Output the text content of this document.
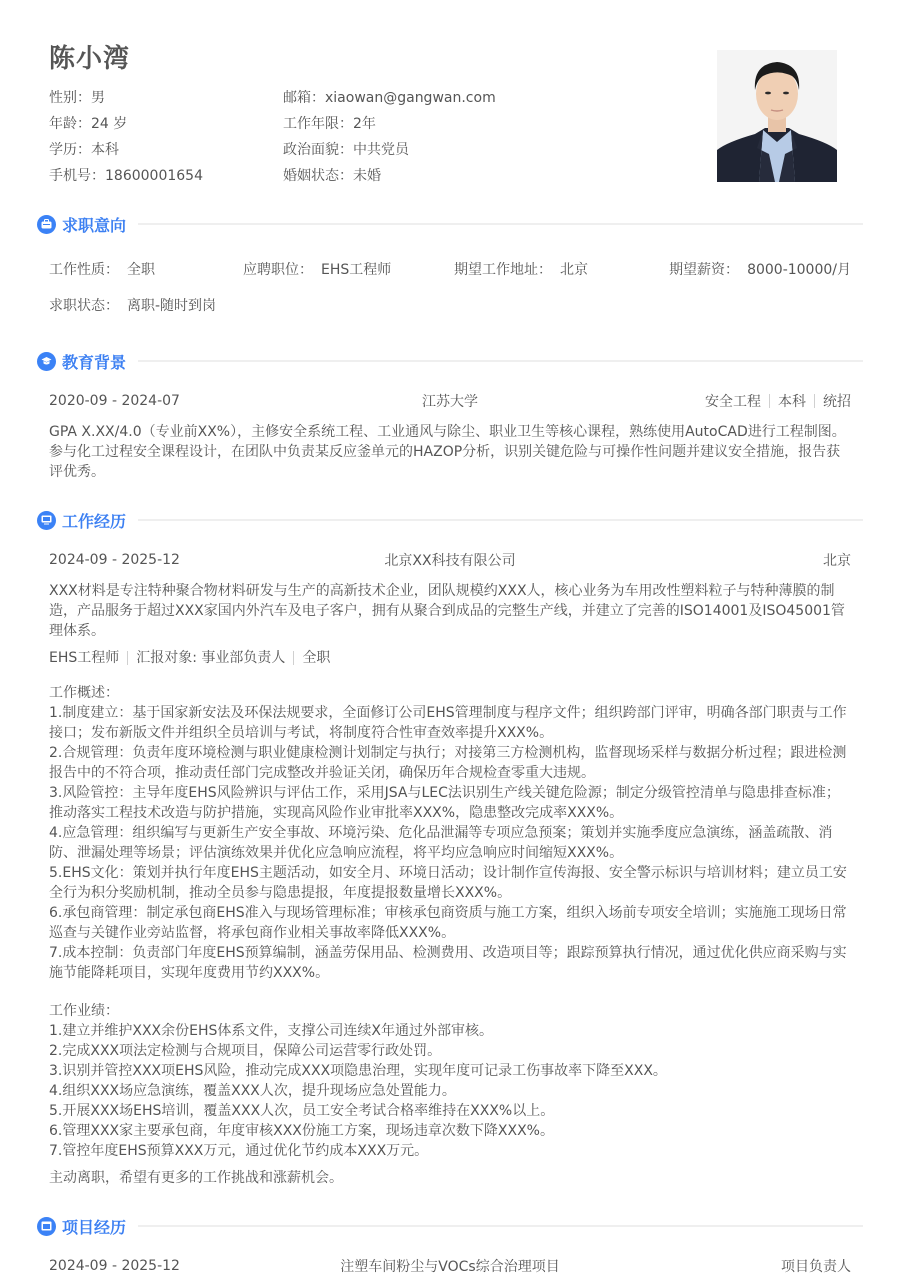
陈小湾
性别：男	邮箱：xiaowan@gangwan.com
年龄：24 岁	工作年限：2年
学历：本科	政治面貌：中共党员
手机号：18600001654	婚姻状态：未婚
求职意向
工作性质： 全职	应聘职位： EHS工程师	期望工作地址： 北京	期望薪资： 8000-10000/月
求职状态： 离职-随时到岗
教育背景
2020-09 - 2024-07	江苏大学	安全工程 本科 统招
GPA X.XX/4.0（专业前XX%），主修安全系统工程、工业通风与除尘、职业卫生等核心课程，熟练使用AutoCAD进行工程制图。参与化工过程安全课程设计，在团队中负责某反应釜单元的HAZOP分析，识别关键危险与可操作性问题并建议安全措施，报告获评优秀。
工作经历
2024-09 - 2025-12	北京XX科技有限公司	北京
XXX材料是专注特种聚合物材料研发与生产的高新技术企业，团队规模约XXX人，核心业务为车用改性塑料粒子与特种薄膜的制造，产品服务于超过XXX家国内外汽车及电子客户，拥有从聚合到成品的完整生产线，并建立了完善的ISO14001及ISO45001管理体系。
EHS工程师 汇报对象: 事业部负责人 全职
工作概述：
1.制度建立：基于国家新安法及环保法规要求，全面修订公司EHS管理制度与程序文件；组织跨部门评审，明确各部门职责与工作接口；发布新版文件并组织全员培训与考试，将制度符合性审查效率提升XXX%。
2.合规管理：负责年度环境检测与职业健康检测计划制定与执行；对接第三方检测机构，监督现场采样与数据分析过程；跟进检测报告中的不符合项，推动责任部门完成整改并验证关闭，确保历年合规检查零重大违规。
3.风险管控：主导年度EHS风险辨识与评估工作，采用JSA与LEC法识别生产线关键危险源；制定分级管控清单与隐患排查标准；推动落实工程技术改造与防护措施，实现高风险作业审批率XXX%，隐患整改完成率XXX%。
4.应急管理：组织编写与更新生产安全事故、环境污染、危化品泄漏等专项应急预案；策划并实施季度应急演练，涵盖疏散、消防、泄漏处理等场景；评估演练效果并优化应急响应流程，将平均应急响应时间缩短XXX%。
5.EHS文化：策划并执行年度EHS主题活动，如安全月、环境日活动；设计制作宣传海报、安全警示标识与培训材料；建立员工安全行为积分奖励机制，推动全员参与隐患提报，年度提报数量增长XXX%。
6.承包商管理：制定承包商EHS准入与现场管理标准；审核承包商资质与施工方案，组织入场前专项安全培训；实施施工现场日常巡查与关键作业旁站监督，将承包商作业相关事故率降低XXX%。
7.成本控制：负责部门年度EHS预算编制，涵盖劳保用品、检测费用、改造项目等；跟踪预算执行情况，通过优化供应商采购与实施节能降耗项目，实现年度费用节约XXX%。
工作业绩：
1.建立并维护XXX余份EHS体系文件，支撑公司连续X年通过外部审核。
2.完成XXX项法定检测与合规项目，保障公司运营零行政处罚。
3.识别并管控XXX项EHS风险，推动完成XXX项隐患治理，实现年度可记录工伤事故率下降至XXX。
4.组织XXX场应急演练，覆盖XXX人次，提升现场应急处置能力。
5.开展XXX场EHS培训，覆盖XXX人次，员工安全考试合格率维持在XXX%以上。
6.管理XXX家主要承包商，年度审核XXX份施工方案，现场违章次数下降XXX%。
7.管控年度EHS预算XXX万元，通过优化节约成本XXX万元。
主动离职，希望有更多的工作挑战和涨薪机会。
项目经历
2024-09 - 2025-12	注塑车间粉尘与VOCs综合治理项目	项目负责人
